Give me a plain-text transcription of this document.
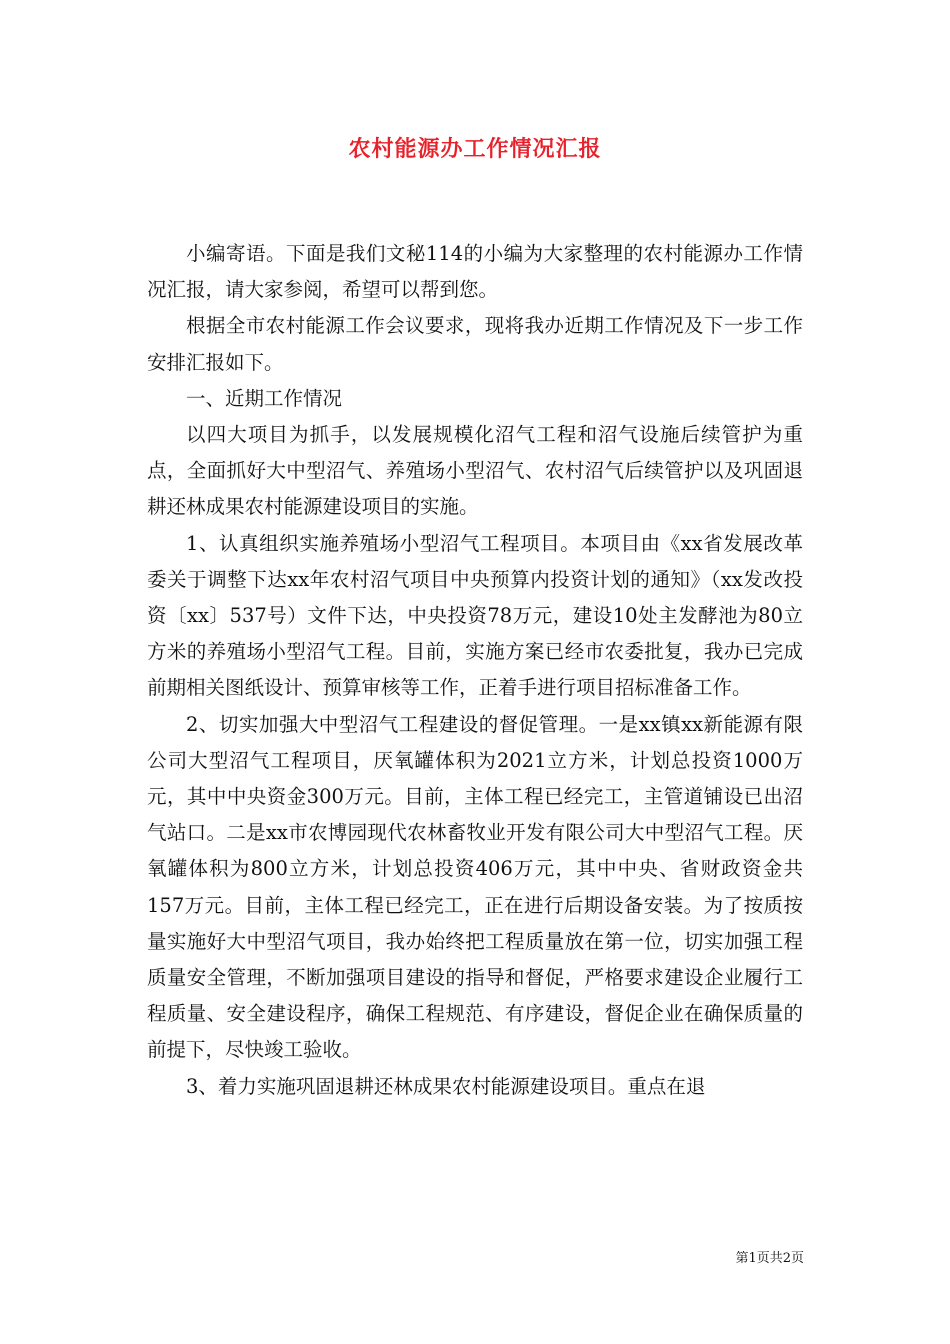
农村能源办工作情况汇报

小编寄语。下面是我们文秘114的小编为大家整理的农村能源办工作情况汇报，请大家参阅，希望可以帮到您。

根据全市农村能源工作会议要求，现将我办近期工作情况及下一步工作安排汇报如下。

一、近期工作情况

以四大项目为抓手，以发展规模化沼气工程和沼气设施后续管护为重点，全面抓好大中型沼气、养殖场小型沼气、农村沼气后续管护以及巩固退耕还林成果农村能源建设项目的实施。

1、认真组织实施养殖场小型沼气工程项目。本项目由《xx省发展改革委关于调整下达xx年农村沼气项目中央预算内投资计划的通知》（xx发改投资〔xx〕537号）文件下达，中央投资78万元，建设10处主发酵池为80立方米的养殖场小型沼气工程。目前，实施方案已经市农委批复，我办已完成前期相关图纸设计、预算审核等工作，正着手进行项目招标准备工作。

2、切实加强大中型沼气工程建设的督促管理。一是xx镇xx新能源有限公司大型沼气工程项目，厌氧罐体积为2021立方米，计划总投资1000万元，其中中央资金300万元。目前，主体工程已经完工，主管道铺设已出沼气站口。二是xx市农博园现代农林畜牧业开发有限公司大中型沼气工程。厌氧罐体积为800立方米，计划总投资406万元，其中中央、省财政资金共157万元。目前，主体工程已经完工，正在进行后期设备安装。为了按质按量实施好大中型沼气项目，我办始终把工程质量放在第一位，切实加强工程质量安全管理，不断加强项目建设的指导和督促，严格要求建设企业履行工程质量、安全建设程序，确保工程规范、有序建设，督促企业在确保质量的前提下，尽快竣工验收。

3、着力实施巩固退耕还林成果农村能源建设项目。重点在退

第1页共2页
